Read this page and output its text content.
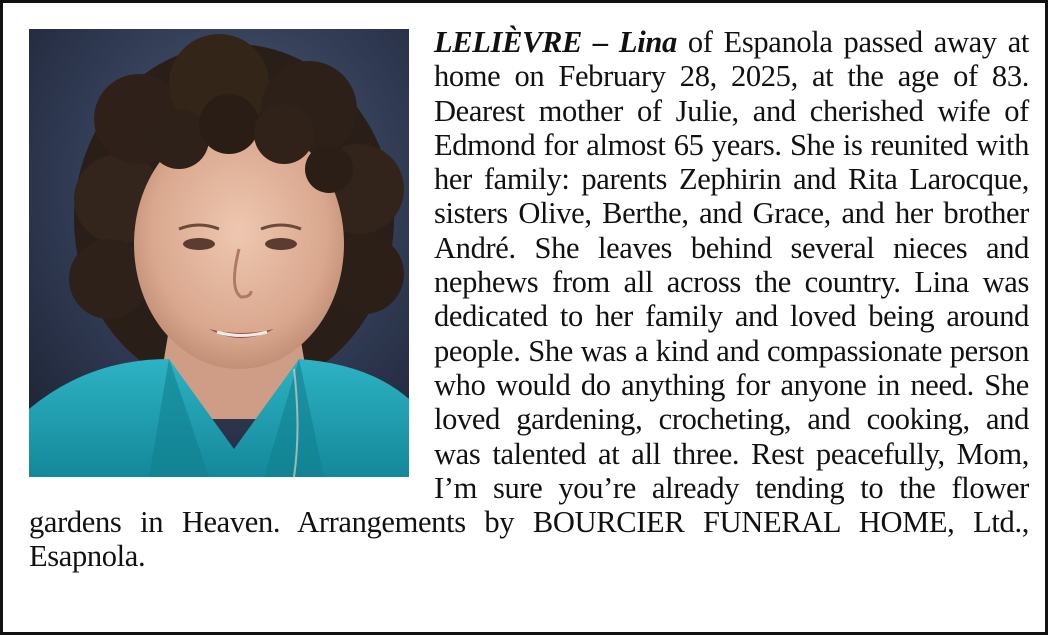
LELIÈVRE – Lina of Espanola passed away at home on February 28, 2025, at the age of 83. Dearest mother of Julie, and cherished wife of Edmond for almost 65 years. She is reunited with her family: parents Zephirin and Rita Larocque, sisters Olive, Berthe, and Grace, and her brother André. She leaves behind several nieces and nephews from all across the country. Lina was dedicated to her family and loved being around people. She was a kind and compassionate person who would do anything for anyone in need. She loved gardening, crocheting, and cooking, and was talented at all three. Rest peacefully, Mom, I’m sure you’re already tending to the flower gardens in Heaven. Arrangements by BOURCIER FUNERAL HOME, Ltd., Esapnola.
